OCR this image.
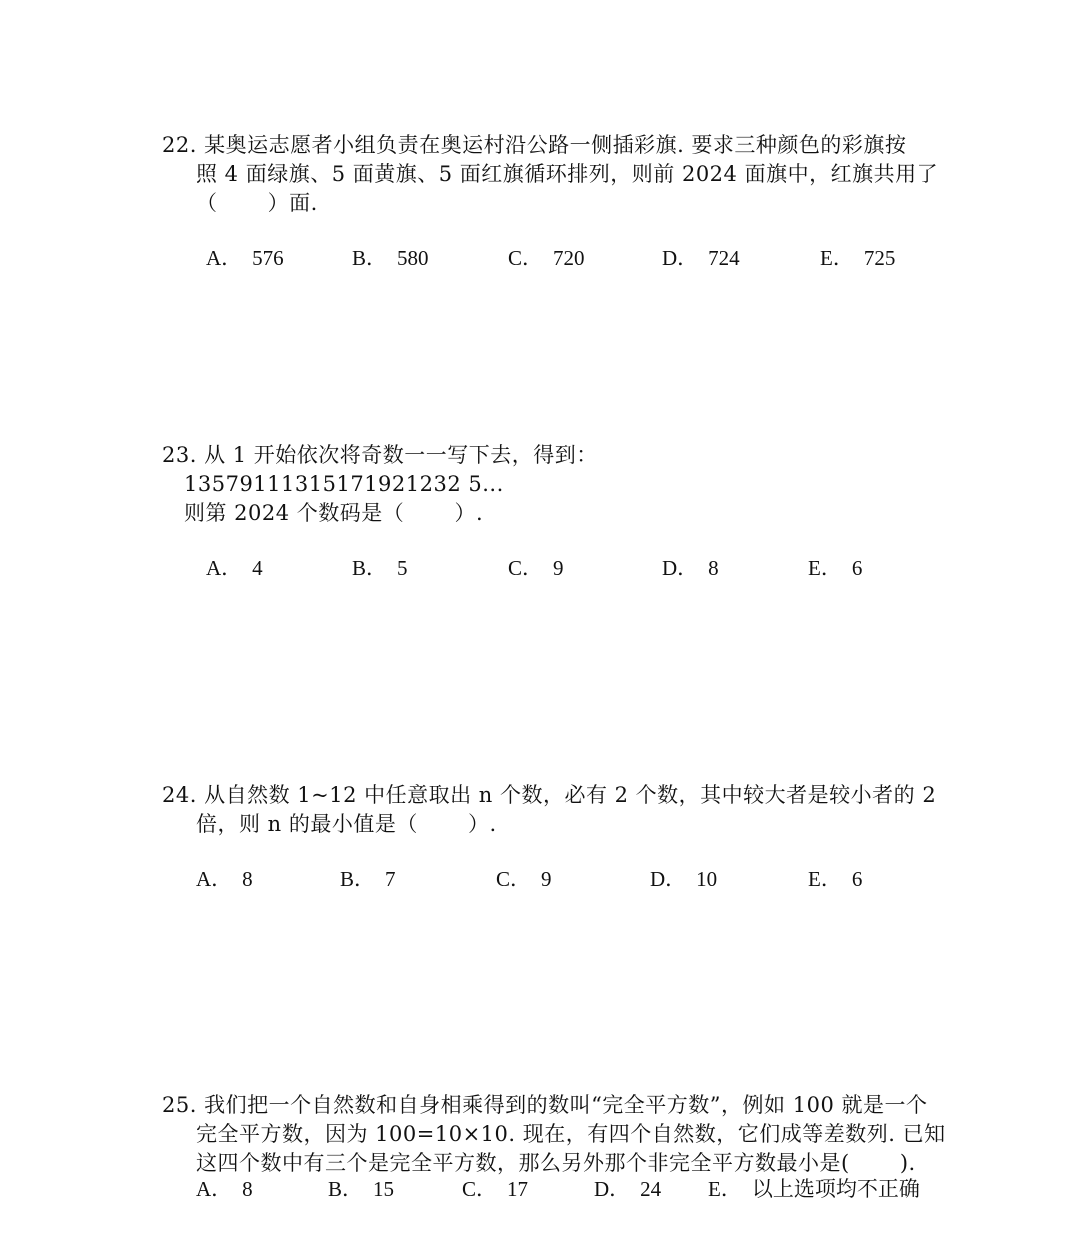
22. 某奥运志愿者小组负责在奥运村沿公路一侧插彩旗. 要求三种颜色的彩旗按
照 4 面绿旗、5 面黄旗、5 面红旗循环排列，则前 2024 面旗中，红旗共用了
（　　 ）面.
A． 576	B． 580	C． 720	D． 724	E． 725
23. 从 1 开始依次将奇数一一写下去，得到：
13579111315171921232 5...
则第 2024 个数码是（　　 ）.
A． 4	B． 5	C． 9	D． 8	E． 6
24. 从自然数 1~12 中任意取出 n 个数，必有 2 个数，其中较大者是较小者的 2
倍，则 n 的最小值是（　　 ）.
A． 8	B． 7	C． 9	D． 10	E． 6
25. 我们把一个自然数和自身相乘得到的数叫“完全平方数”，例如 100 就是一个
完全平方数，因为 100=10×10. 现在，有四个自然数，它们成等差数列. 已知
这四个数中有三个是完全平方数，那么另外那个非完全平方数最小是(　　 ).
A． 8	B． 15	C． 17	D． 24 E． 以上选项均不正确
